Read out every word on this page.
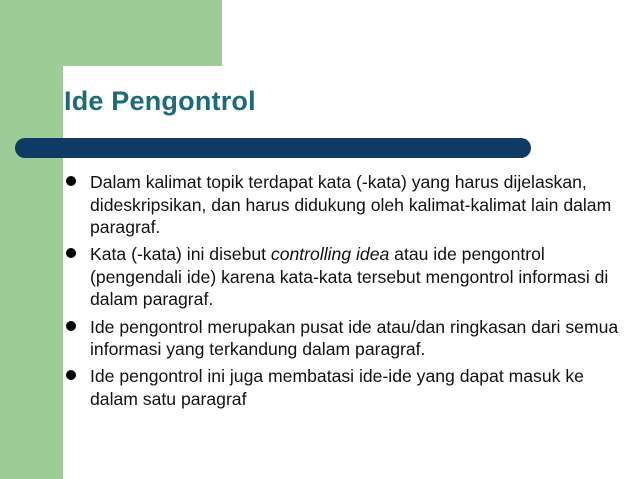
Ide Pengontrol
Dalam kalimat topik terdapat kata (-kata) yang harus dijelaskan, dideskripsikan, dan harus didukung oleh kalimat-kalimat lain dalam paragraf.
Kata (-kata) ini disebut controlling idea atau ide pengontrol (pengendali ide) karena kata-kata tersebut mengontrol informasi di dalam paragraf.
Ide pengontrol merupakan pusat ide atau/dan ringkasan dari semua informasi yang terkandung dalam paragraf.
Ide pengontrol ini juga membatasi ide-ide yang dapat masuk ke dalam satu paragraf
